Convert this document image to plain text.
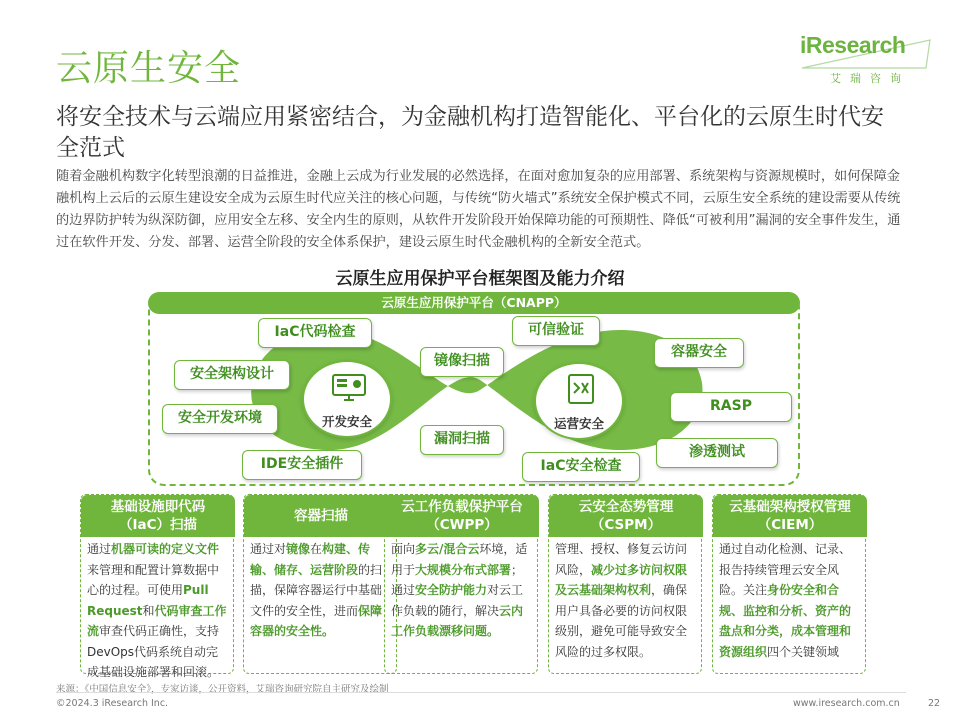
云原生安全
iResearch
艾瑞咨询
将安全技术与云端应用紧密结合，为金融机构打造智能化、平台化的云原生时代安全范式
随着金融机构数字化转型浪潮的日益推进，金融上云成为行业发展的必然选择，在面对愈加复杂的应用部署、系统架构与资源规模时，如何保障金融机构上云后的云原生建设安全成为云原生时代应关注的核心问题，与传统“防火墙式”系统安全保护模式不同，云原生安全系统的建设需要从传统的边界防护转为纵深防御，应用安全左移、安全内生的原则，从软件开发阶段开始保障功能的可预期性、降低“可被利用”漏洞的安全事件发生，通过在软件开发、分发、部署、运营全阶段的安全体系保护，建设云原生时代金融机构的全新安全范式。
云原生应用保护平台框架图及能力介绍
云原生应用保护平台（CNAPP）
开发安全	运营安全
IaC代码检查
安全架构设计
安全开发环境
IDE安全插件
镜像扫描
漏洞扫描
可信验证
容器安全
RASP
渗透测试
IaC安全检查
基础设施即代码
（IaC）扫描
通过机器可读的定义文件来管理和配置计算数据中心的过程。可使用Pull Request和代码审查工作流审查代码正确性，支持DevOps代码系统自动完成基础设施部署和回滚。
容器扫描
通过对镜像在构建、传输、储存、运营阶段的扫描，保障容器运行中基础文件的安全性，进而保障容器的安全性。
云工作负载保护平台
（CWPP）
面向多云/混合云环境，适用于大规模分布式部署；通过安全防护能力对云工作负载的随行，解决云内工作负载漂移问题。
云安全态势管理
（CSPM）
管理、授权、修复云访问风险，减少过多访问权限及云基础架构权利，确保用户具备必要的访问权限级别，避免可能导致安全风险的过多权限。
云基础架构授权管理
（CIEM）
通过自动化检测、记录、报告持续管理云安全风险。关注身份安全和合规、监控和分析、资产的盘点和分类，成本管理和资源组织四个关键领域
来源：《中国信息安全》，专家访谈，公开资料，艾瑞咨询研究院自主研究及绘制
©2024.3 iResearch Inc.	www.iresearch.com.cn	22
